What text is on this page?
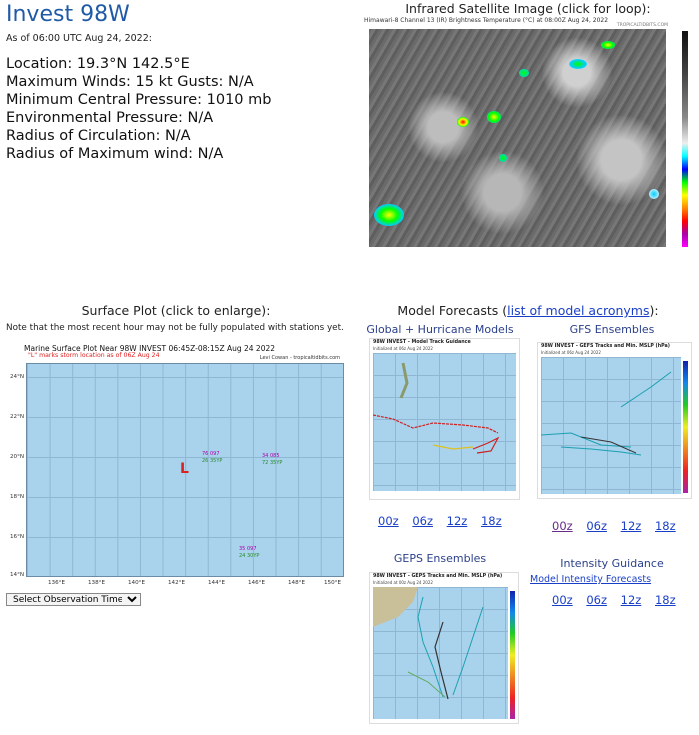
Invest 98W
As of 06:00 UTC Aug 24, 2022:
Location: 19.3°N 142.5°E
Maximum Winds: 15 kt Gusts: N/A
Minimum Central Pressure: 1010 mb
Environmental Pressure: N/A
Radius of Circulation: N/A
Radius of Maximum wind: N/A
Infrared Satellite Image (click for loop):
Himawari-8 Channel 13 (IR) Brightness Temperature (°C) at 08:00Z Aug 24, 2022
TROPICALTIDBITS.COM
Surface Plot (click to enlarge):
Note that the most recent hour may not be fully populated with stations yet.
Marine Surface Plot Near 98W INVEST 06:45Z-08:15Z Aug 24 2022
"L" marks storm location as of 06Z Aug 24	Levi Cowan - tropicaltidbits.com
24°N
22°N
20°N
18°N
16°N
14°N
136°E	138°E	140°E	142°E	144°E	146°E	148°E	150°E
76 097
26 35YP
34 085
72 35YP
35 097
24 30YP
L
Select Observation Time...
Model Forecasts (list of model acronyms):
Global + Hurricane Models
98W INVEST - Model Track Guidance
Initialized at 06z Aug 24 2022
00z 06z 12z 18z
GFS Ensembles
98W INVEST - GEFS Tracks and Min. MSLP (hPa)
Initialized at 06z Aug 24 2022
00z 06z 12z 18z
GEPS Ensembles
98W INVEST - GEPS Tracks and Min. MSLP (hPa)
Initialized at 00z Aug 24 2022
Intensity Guidance
Model Intensity Forecasts
00z 06z 12z 18z
